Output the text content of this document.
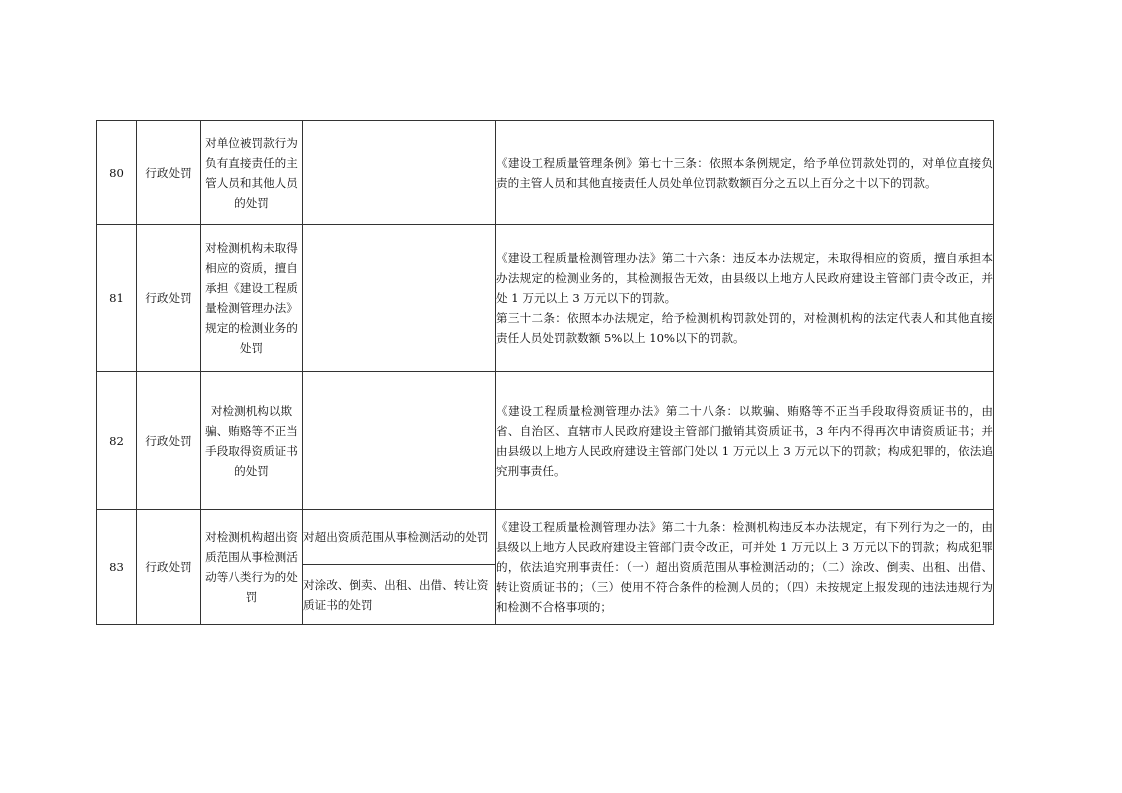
80	行政处罚	对单位被罚款行为负有直接责任的主管人员和其他人员的处罚		《建设工程质量管理条例》第七十三条：依照本条例规定，给予单位罚款处罚的，对单位直接负责的主管人员和其他直接责任人员处单位罚款数额百分之五以上百分之十以下的罚款。

81	行政处罚	对检测机构未取得相应的资质，擅自承担《建设工程质量检测管理办法》规定的检测业务的处罚		《建设工程质量检测管理办法》第二十六条：违反本办法规定，未取得相应的资质，擅自承担本办法规定的检测业务的，其检测报告无效，由县级以上地方人民政府建设主管部门责令改正，并处 1 万元以上 3 万元以下的罚款。

第三十二条：依照本办法规定，给予检测机构罚款处罚的，对检测机构的法定代表人和其他直接责任人员处罚款数额 5%以上 10%以下的罚款。

82	行政处罚	对检测机构以欺骗、贿赂等不正当手段取得资质证书的处罚		《建设工程质量检测管理办法》第二十八条：以欺骗、贿赂等不正当手段取得资质证书的，由省、自治区、直辖市人民政府建设主管部门撤销其资质证书，3 年内不得再次申请资质证书；并由县级以上地方人民政府建设主管部门处以 1 万元以上 3 万元以下的罚款；构成犯罪的，依法追究刑事责任。

83	行政处罚	对检测机构超出资质范围从事检测活动等八类行为的处罚	对超出资质范围从事检测活动的处罚	《建设工程质量检测管理办法》第二十九条：检测机构违反本办法规定，有下列行为之一的，由县级以上地方人民政府建设主管部门责令改正，可并处 1 万元以上 3 万元以下的罚款；构成犯罪的，依法追究刑事责任：（一）超出资质范围从事检测活动的；（二）涂改、倒卖、出租、出借、转让资质证书的；（三）使用不符合条件的检测人员的；（四）未按规定上报发现的违法违规行为和检测不合格事项的；

			对涂改、倒卖、出租、出借、转让资质证书的处罚	
